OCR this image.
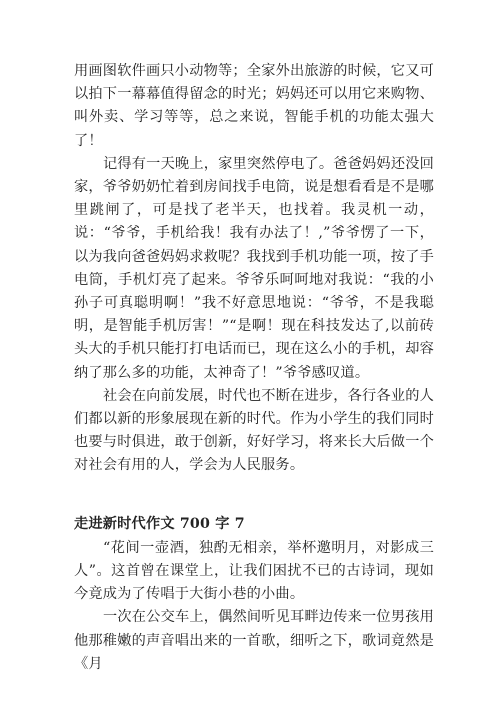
用画图软件画只小动物等；全家外出旅游的时候，它又可以拍下一幕幕值得留念的时光；妈妈还可以用它来购物、叫外卖、学习等等，总之来说，智能手机的功能太强大了！

记得有一天晚上，家里突然停电了。爸爸妈妈还没回家，爷爷奶奶忙着到房间找手电筒，说是想看看是不是哪里跳闸了，可是找了老半天，也找着。我灵机一动，说：“爷爷，手机给我！我有办法了！,”爷爷愣了一下，以为我向爸爸妈妈求救呢？我找到手机功能一项，按了手电筒，手机灯亮了起来。爷爷乐呵呵地对我说：“我的小孙子可真聪明啊！”我不好意思地说：“爷爷，不是我聪明，是智能手机厉害！”“是啊！现在科技发达了,以前砖头大的手机只能打打电话而已，现在这么小的手机，却容纳了那么多的功能，太神奇了！”爷爷感叹道。

社会在向前发展，时代也不断在进步，各行各业的人们都以新的形象展现在新的时代。作为小学生的我们同时也要与时俱进，敢于创新，好好学习，将来长大后做一个对社会有用的人，学会为人民服务。

走进新时代作文 700 字 7

“花间一壶酒，独酌无相亲，举杯邀明月，对影成三人”。这首曾在课堂上，让我们困扰不已的古诗词，现如今竟成为了传唱于大街小巷的小曲。

一次在公交车上，偶然间听见耳畔边传来一位男孩用他那稚嫩的声音唱出来的一首歌，细听之下，歌词竟然是《月
